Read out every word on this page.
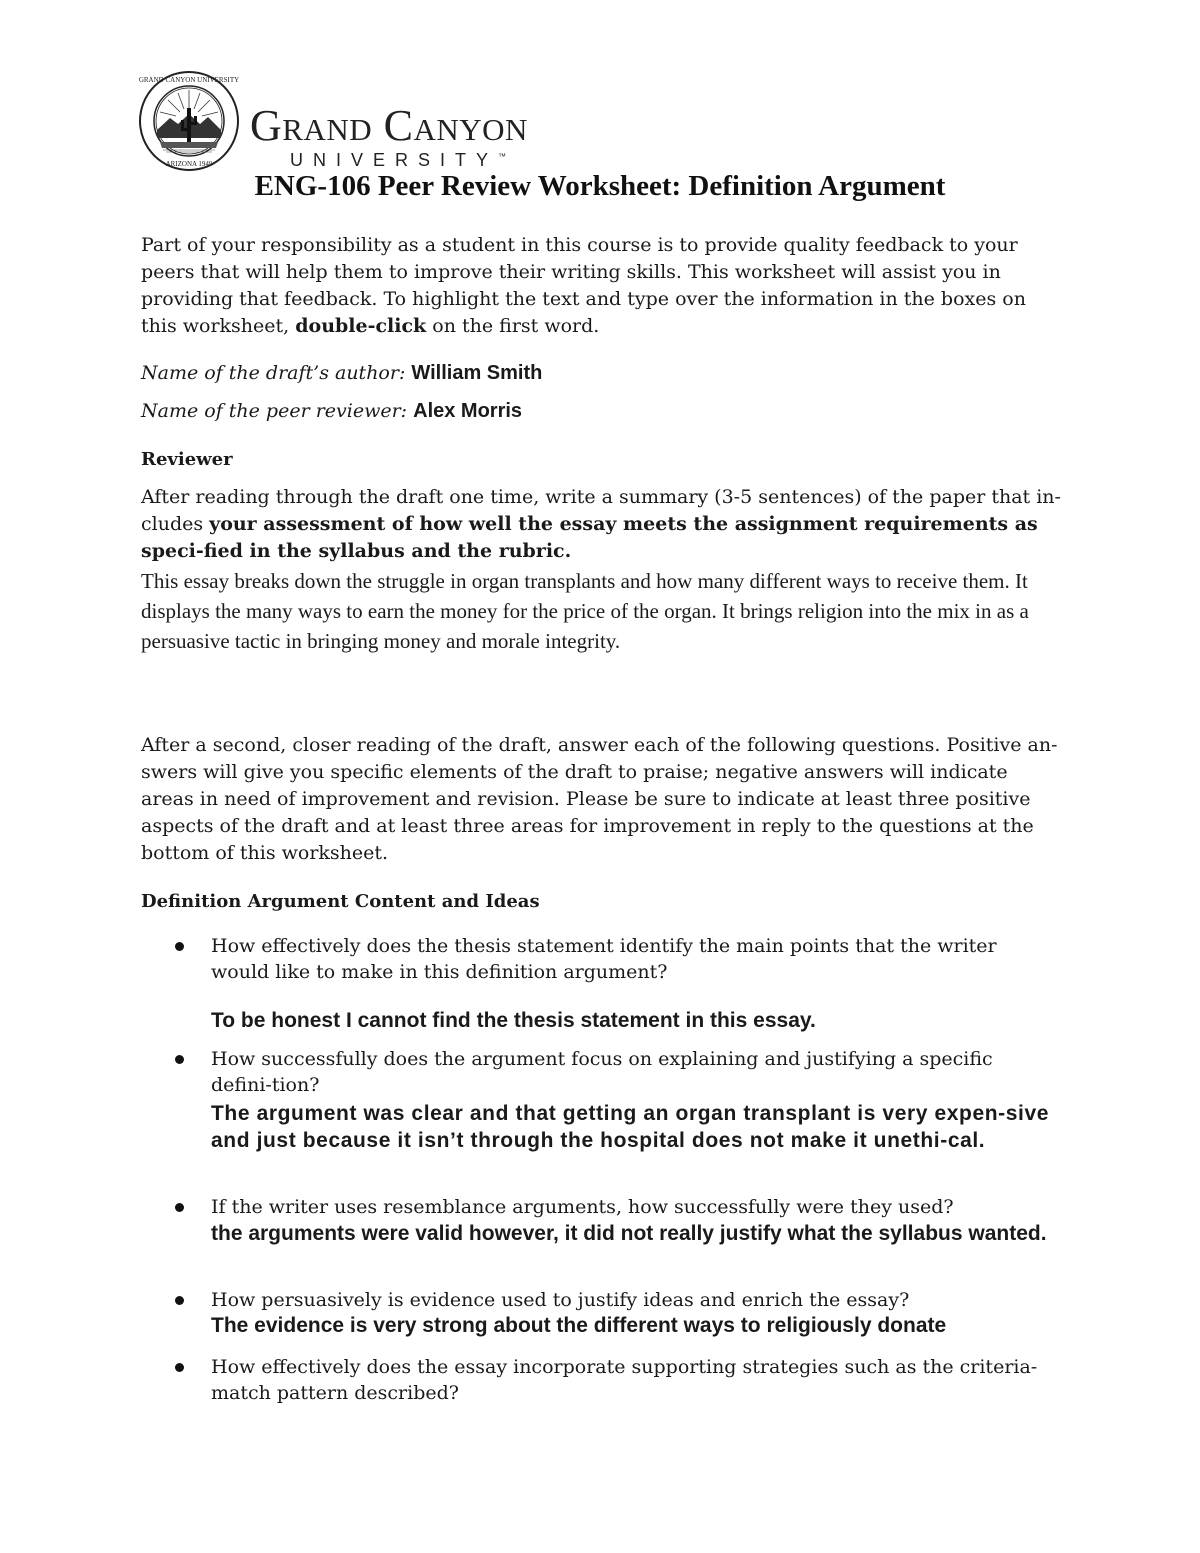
GRAND CANYON UNIVERSITY
ARIZONA 1949
Grand Canyon
UNIVERSITY™
ENG-106 Peer Review Worksheet: Definition Argument

Part of your responsibility as a student in this course is to provide quality feedback to your peers that will help them to improve their writing skills. This worksheet will assist you in providing that feedback. To highlight the text and type over the information in the boxes on this worksheet, double-click on the first word.

Name of the draft’s author: William Smith
Name of the peer reviewer: Alex Morris
Reviewer

After reading through the draft one time, write a summary (3-5 sentences) of the paper that in-cludes your assessment of how well the essay meets the assignment requirements as speci-fied in the syllabus and the rubric.

This essay breaks down the struggle in organ transplants and how many different ways to receive them. It displays the many ways to earn the money for the price of the organ. It brings religion into the mix in as a persuasive tactic in bringing money and morale integrity.
After a second, closer reading of the draft, answer each of the following questions. Positive an-swers will give you specific elements of the draft to praise; negative answers will indicate areas in need of improvement and revision. Please be sure to indicate at least three positive aspects of the draft and at least three areas for improvement in reply to the questions at the bottom of this worksheet.
Definition Argument Content and Ideas
How effectively does the thesis statement identify the main points that the writer would like to make in this definition argument?
To be honest I cannot find the thesis statement in this essay.
How successfully does the argument focus on explaining and justifying a specific defini-tion?
The argument was clear and that getting an organ transplant is very expen-sive and just because it isn’t through the hospital does not make it unethi-cal.
If the writer uses resemblance arguments, how successfully were they used?
the arguments were valid however, it did not really justify what the syllabus wanted.
How persuasively is evidence used to justify ideas and enrich the essay?
The evidence is very strong about the different ways to religiously donate
How effectively does the essay incorporate supporting strategies such as the criteria-match pattern described?
